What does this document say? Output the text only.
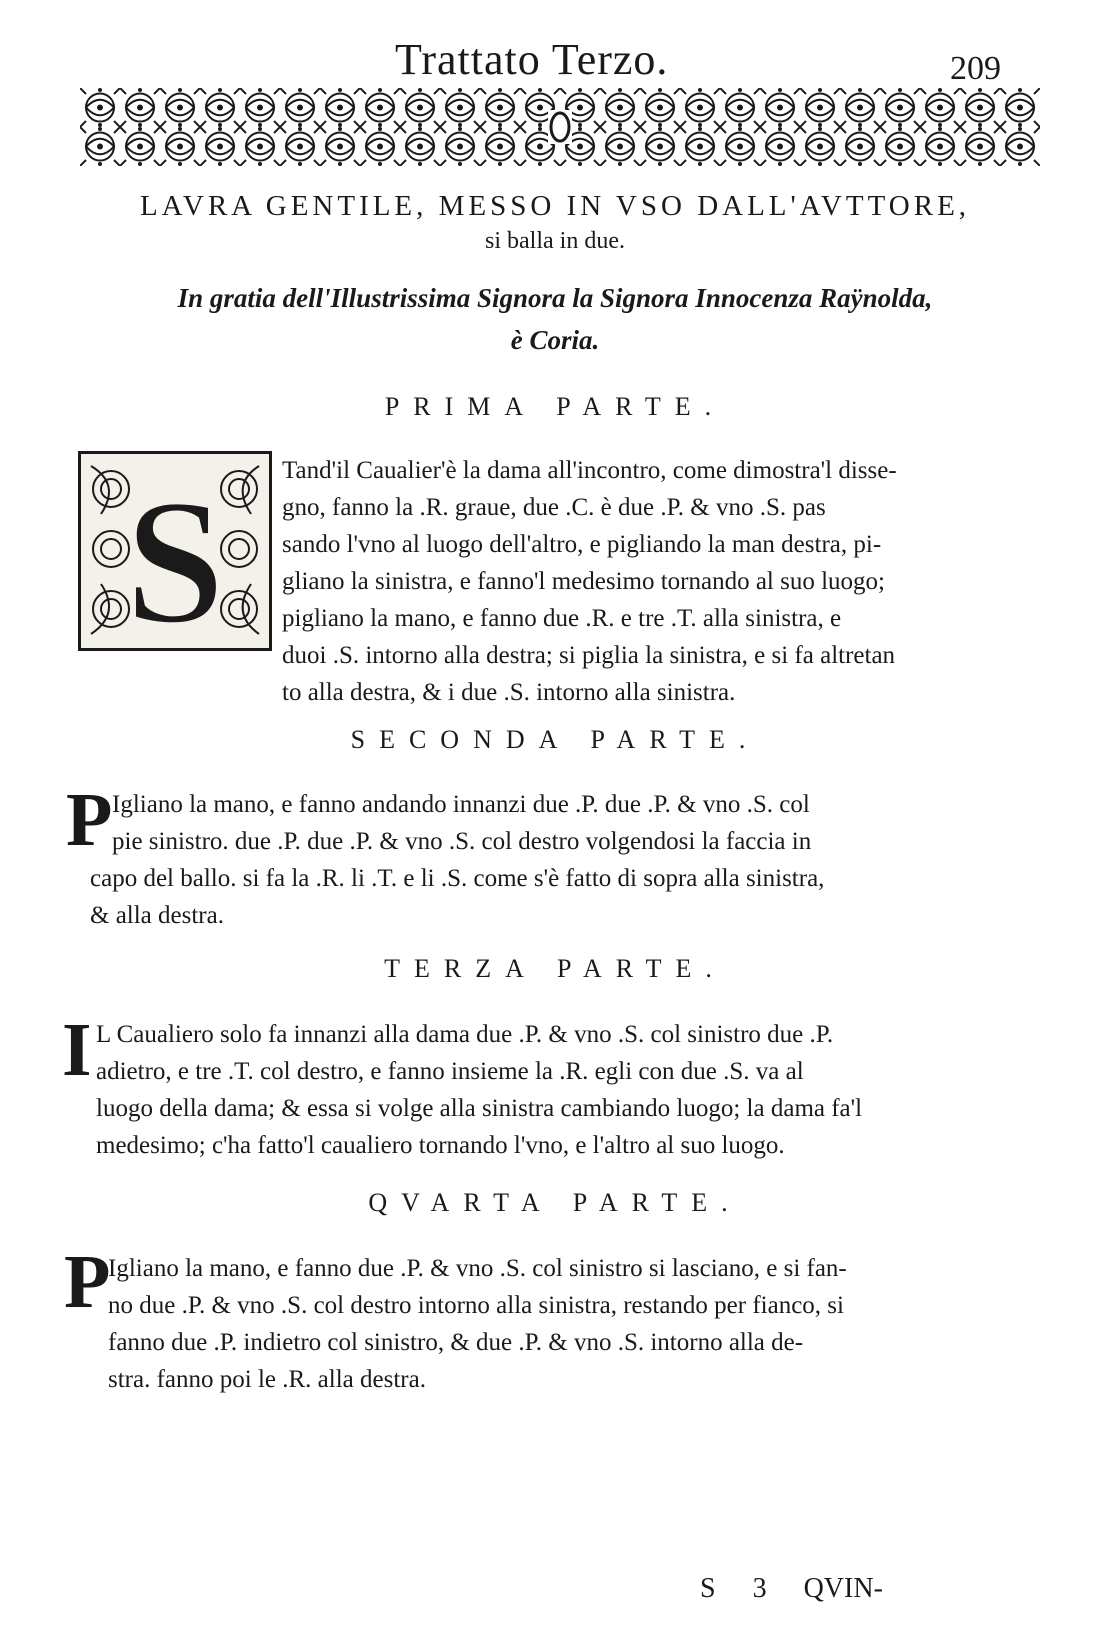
Trattato Terzo.	209
LAVRA GENTILE, MESSO IN VSO DALL'AVTTORE,
si balla in due.
In gratia dell'Illustrissima Signora la Signora Innocenza Raÿnolda,
è Coria.
PRIMA PARTE.
S Tand'il Caualier'è la dama all'incontro, come dimostra'l disse-
gno, fanno la .R. graue, due .C. è due .P. & vno .S. pas
sando l'vno al luogo dell'altro, e pigliando la man destra, pi-
gliano la sinistra, e fanno'l medesimo tornando al suo luogo;
pigliano la mano, e fanno due .R. e tre .T. alla sinistra, e
duoi .S. intorno alla destra; si piglia la sinistra, e si fa altretan
to alla destra, & i due .S. intorno alla sinistra.
SECONDA PARTE.
P Igliano la mano, e fanno andando innanzi due .P. due .P. & vno .S. col
pie sinistro. due .P. due .P. & vno .S. col destro volgendosi la faccia in
capo del ballo. si fa la .R. li .T. e li .S. come s'è fatto di sopra alla sinistra,
& alla destra.
TERZA PARTE.
I L Caualiero solo fa innanzi alla dama due .P. & vno .S. col sinistro due .P.
adietro, e tre .T. col destro, e fanno insieme la .R. egli con due .S. va al
luogo della dama; & essa si volge alla sinistra cambiando luogo; la dama fa'l
medesimo; c'ha fatto'l caualiero tornando l'vno, e l'altro al suo luogo.
QVARTA PARTE.
P
Igliano la mano, e fanno due .P. & vno .S. col sinistro si lasciano, e si fan-
no due .P. & vno .S. col destro intorno alla sinistra, restando per fianco, si
fanno due .P. indietro col sinistro, & due .P. & vno .S. intorno alla de-
stra. fanno poi le .R. alla destra.
S 3 QVIN-
